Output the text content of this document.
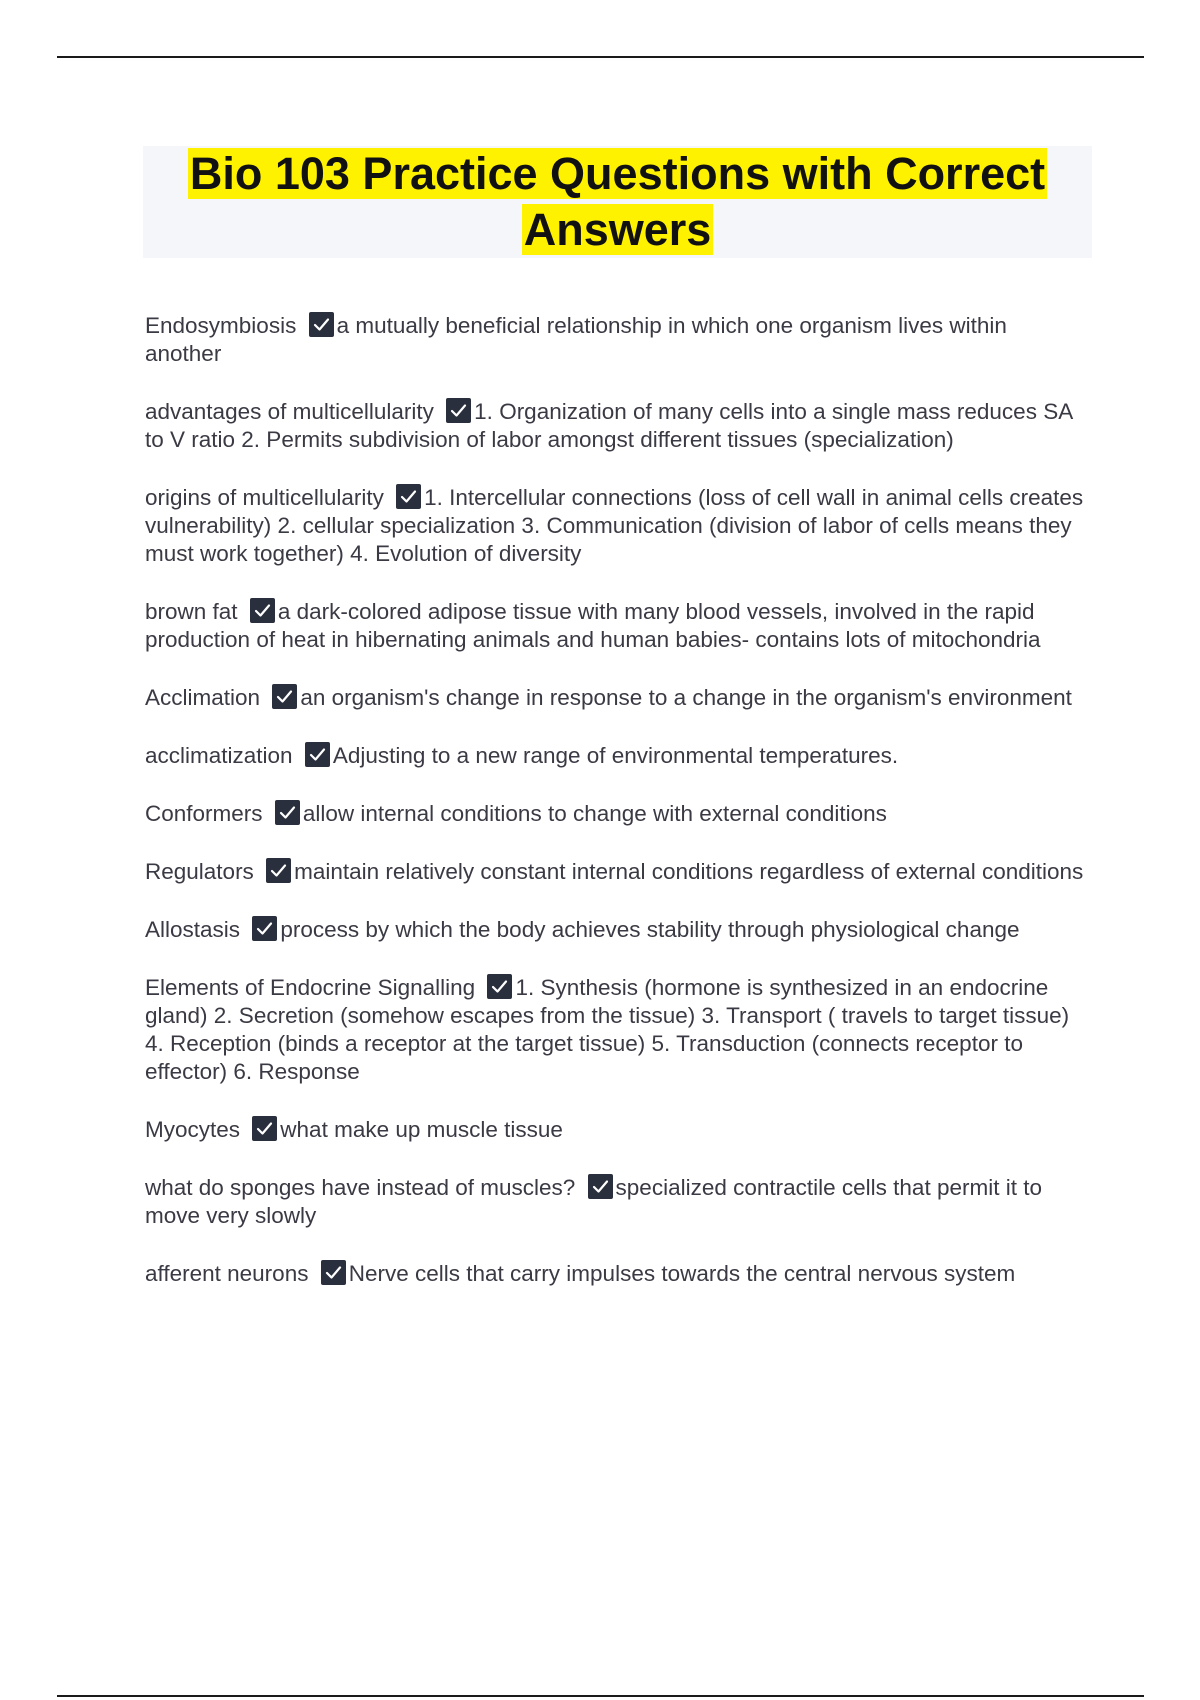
Bio 103 Practice Questions with Correct Answers

Endosymbiosis a mutually beneficial relationship in which one organism lives within another

advantages of multicellularity 1. Organization of many cells into a single mass reduces SA to V ratio 2. Permits subdivision of labor amongst different tissues (specialization)

origins of multicellularity 1. Intercellular connections (loss of cell wall in animal cells creates vulnerability) 2. cellular specialization 3. Communication (division of labor of cells means they must work together) 4. Evolution of diversity

brown fat a dark-colored adipose tissue with many blood vessels, involved in the rapid production of heat in hibernating animals and human babies- contains lots of mitochondria

Acclimation an organism's change in response to a change in the organism's environment

acclimatization Adjusting to a new range of environmental temperatures.

Conformers allow internal conditions to change with external conditions

Regulators maintain relatively constant internal conditions regardless of external conditions

Allostasis process by which the body achieves stability through physiological change

Elements of Endocrine Signalling 1. Synthesis (hormone is synthesized in an endocrine gland) 2. Secretion (somehow escapes from the tissue) 3. Transport ( travels to target tissue) 4. Reception (binds a receptor at the target tissue) 5. Transduction (connects receptor to effector) 6. Response

Myocytes what make up muscle tissue

what do sponges have instead of muscles? specialized contractile cells that permit it to move very slowly

afferent neurons Nerve cells that carry impulses towards the central nervous system
